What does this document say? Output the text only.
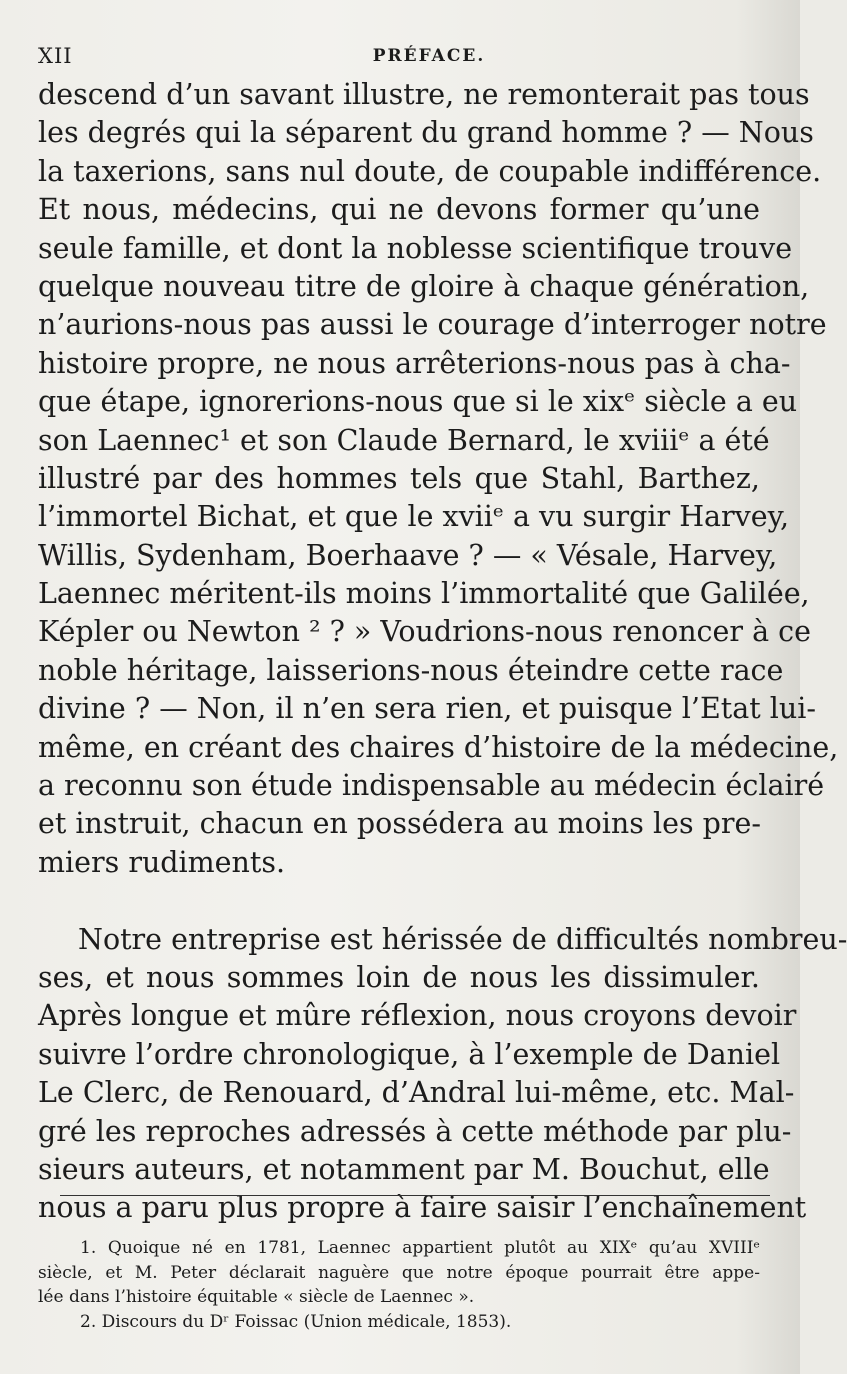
XII	PRÉFACE.
descend d’un savant illustre, ne remonterait pas tous
les degrés qui la séparent du grand homme ? — Nous
la taxerions, sans nul doute, de coupable indifférence.
Et nous, médecins, qui ne devons former qu’une
seule famille, et dont la noblesse scientifique trouve
quelque nouveau titre de gloire à chaque génération,
n’aurions-nous pas aussi le courage d’interroger notre
histoire propre, ne nous arrêterions-nous pas à cha-
que étape, ignorerions-nous que si le xixᵉ siècle a eu
son Laennec¹ et son Claude Bernard, le xviiiᵉ a été
illustré par des hommes tels que Stahl, Barthez,
l’immortel Bichat, et que le xviiᵉ a vu surgir Harvey,
Willis, Sydenham, Boerhaave ? — « Vésale, Harvey,
Laennec méritent-ils moins l’immortalité que Galilée,
Képler ou Newton ² ? » Voudrions-nous renoncer à ce
noble héritage, laisserions-nous éteindre cette race
divine ? — Non, il n’en sera rien, et puisque l’Etat lui-
même, en créant des chaires d’histoire de la médecine,
a reconnu son étude indispensable au médecin éclairé
et instruit, chacun en possédera au moins les pre-
miers rudiments.
Notre entreprise est hérissée de difficultés nombreu-
ses, et nous sommes loin de nous les dissimuler.
Après longue et mûre réflexion, nous croyons devoir
suivre l’ordre chronologique, à l’exemple de Daniel
Le Clerc, de Renouard, d’Andral lui-même, etc. Mal-
gré les reproches adressés à cette méthode par plu-
sieurs auteurs, et notamment par M. Bouchut, elle
nous a paru plus propre à faire saisir l’enchaînement
1. Quoique né en 1781, Laennec appartient plutôt au XIXᵉ qu’au XVIIIᵉ
siècle, et M. Peter déclarait naguère que notre époque pourrait être appe-
lée dans l’histoire équitable « siècle de Laennec ».
2. Discours du Dʳ Foissac (Union médicale, 1853).
